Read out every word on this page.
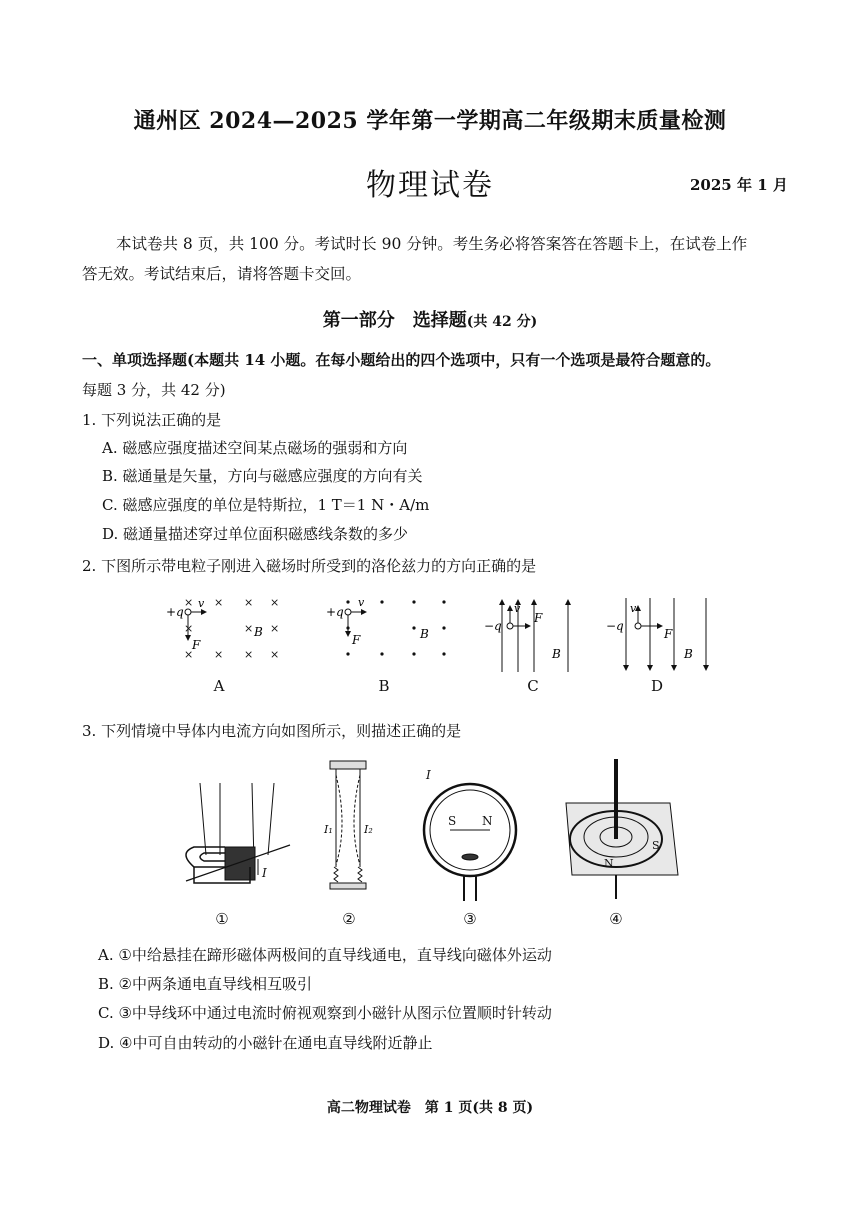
通州区 2024—2025 学年第一学期高二年级期末质量检测
物理试卷	2025 年 1 月
本试卷共 8 页，共 100 分。考试时长 90 分钟。考生务必将答案答在答题卡上，在试卷上作
答无效。考试结束后，请将答题卡交回。
第一部分　选择题(共 42 分)
一、单项选择题(本题共 14 小题。在每小题给出的四个选项中，只有一个选项是最符合题意的。
每题 3 分，共 42 分)
1. 下列说法正确的是
A. 磁感应强度描述空间某点磁场的强弱和方向
B. 磁通量是矢量，方向与磁感应强度的方向有关
C. 磁感应强度的单位是特斯拉，1 T＝1 N・A/m
D. 磁通量描述穿过单位面积磁感线条数的多少
2. 下图所示带电粒子刚进入磁场时所受到的洛伦兹力的方向正确的是
× × × ×
×	× ×
× × × ×
+q
v
F
B
+q
v
F	B
−q
v
F
B
−q
v
F
B
A	B	C	D
3. 下列情境中导体内电流方向如图所示，则描述正确的是
I
I₁	I₂
S N
I
N
S
①	②	③	④
A. ①中给悬挂在蹄形磁体两极间的直导线通电，直导线向磁体外运动
B. ②中两条通电直导线相互吸引
C. ③中导线环中通过电流时俯视观察到小磁针从图示位置顺时针转动
D. ④中可自由转动的小磁针在通电直导线附近静止
高二物理试卷　第 1 页(共 8 页)
